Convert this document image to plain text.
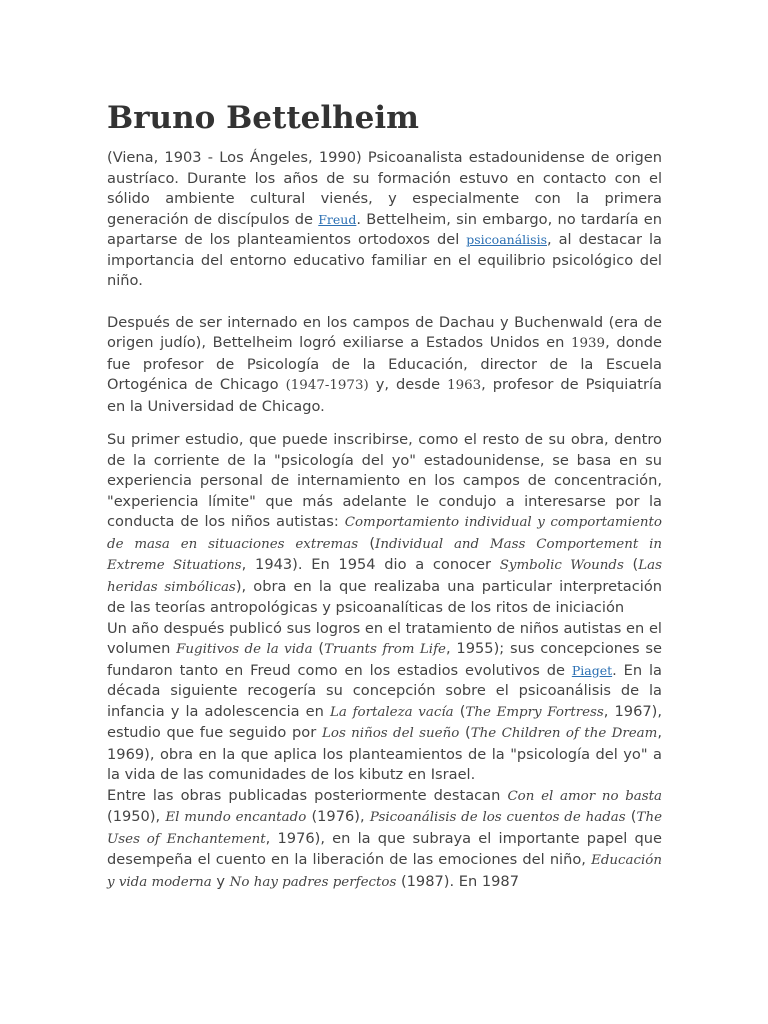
Bruno Bettelheim

(Viena, 1903 - Los Ángeles, 1990) Psicoanalista estadounidense de origen austríaco. Durante los años de su formación estuvo en contacto con el sólido ambiente cultural vienés, y especialmente con la primera generación de discípulos de Freud. Bettelheim, sin embargo, no tardaría en apartarse de los planteamientos ortodoxos del psicoanálisis, al destacar la importancia del entorno educativo familiar en el equilibrio psicológico del niño.

Después de ser internado en los campos de Dachau y Buchenwald (era de origen judío), Bettelheim logró exiliarse a Estados Unidos en 1939, donde fue profesor de Psicología de la Educación, director de la Escuela Ortogénica de Chicago (1947-1973) y, desde 1963, profesor de Psiquiatría en la Universidad de Chicago.

Su primer estudio, que puede inscribirse, como el resto de su obra, dentro de la corriente de la "psicología del yo" estadounidense, se basa en su experiencia personal de internamiento en los campos de concentración, "experiencia límite" que más adelante le condujo a interesarse por la conducta de los niños autistas: Comportamiento individual y comportamiento de masa en situaciones extremas (Individual and Mass Comportement in Extreme Situations, 1943). En 1954 dio a conocer Symbolic Wounds (Las heridas simbólicas), obra en la que realizaba una particular interpretación de las teorías antropológicas y psicoanalíticas de los ritos de iniciación

Un año después publicó sus logros en el tratamiento de niños autistas en el volumen Fugitivos de la vida (Truants from Life, 1955); sus concepciones se fundaron tanto en Freud como en los estadios evolutivos de Piaget. En la década siguiente recogería su concepción sobre el psicoanálisis de la infancia y la adolescencia en La fortaleza vacía (The Empry Fortress, 1967), estudio que fue seguido por Los niños del sueño (The Children of the Dream, 1969), obra en la que aplica los planteamientos de la "psicología del yo" a la vida de las comunidades de los kibutz en Israel.

Entre las obras publicadas posteriormente destacan Con el amor no basta (1950), El mundo encantado (1976), Psicoanálisis de los cuentos de hadas (The Uses of Enchantement, 1976), en la que subraya el importante papel que desempeña el cuento en la liberación de las emociones del niño, Educación y vida moderna y No hay padres perfectos (1987). En 1987
